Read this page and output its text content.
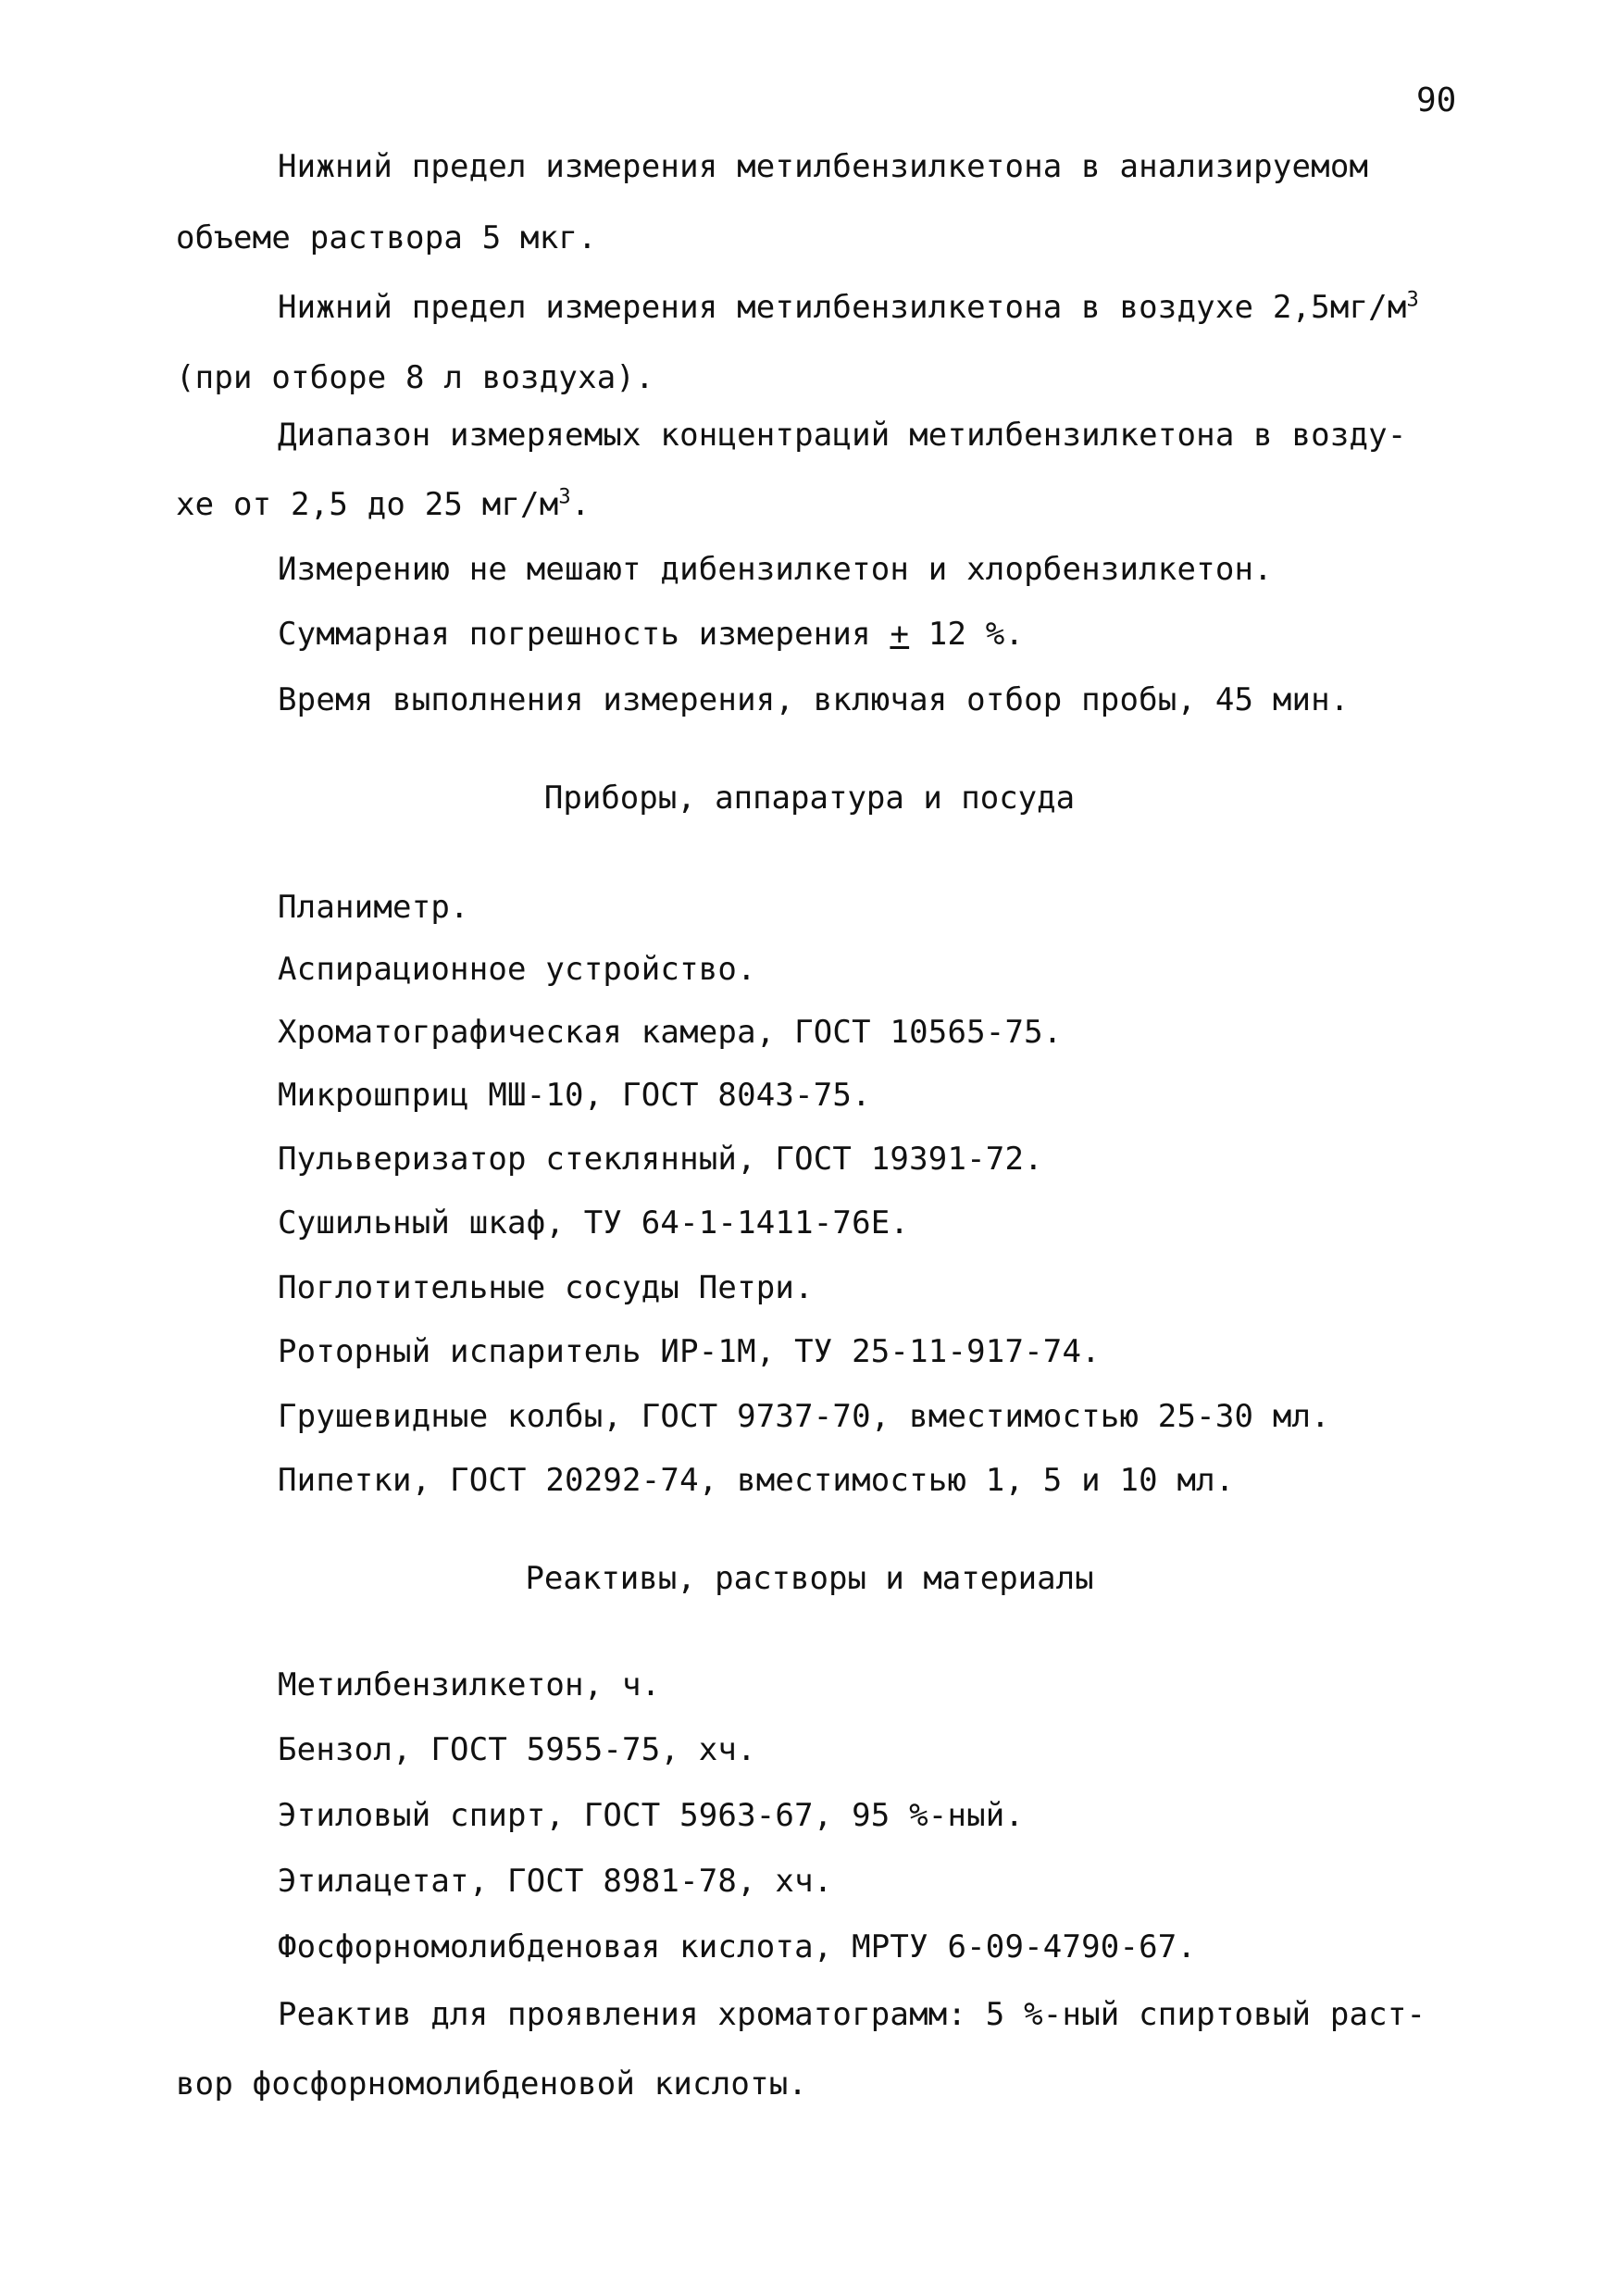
90
Нижний предел измерения метилбензилкетона в анализируемом
объеме раствора 5 мкг.
Нижний предел измерения метилбензилкетона в воздухе $2,5мг/м^3$
(при отборе 8 л воздуха).
Диапазон измеряемых концентраций метилбензилкетона в возду-
хе от 2,5 до 25 $мг/м^3$.
Измерению не мешают дибензилкетон и хлорбензилкетон.
Суммарная погрешность измерения + 12 %.
Время выполнения измерения, включая отбор пробы, 45 мин.
Приборы, аппаратура и посуда
Планиметр.
Аспирационное устройство.
Хроматографическая камера, ГОСТ 10565-75.
Микрошприц МШ-10, ГОСТ 8043-75.
Пульверизатор стеклянный, ГОСТ 19391-72.
Сушильный шкаф, ТУ 64-1-1411-76Е.
Поглотительные сосуды Петри.
Роторный испаритель ИР-1М, ТУ 25-11-917-74.
Грушевидные колбы, ГОСТ 9737-70, вместимостью 25-30 мл.
Пипетки, ГОСТ 20292-74, вместимостью 1, 5 и 10 мл.
Реактивы, растворы и материалы
Метилбензилкетон, ч.
Бензол, ГОСТ 5955-75, хч.
Этиловый спирт, ГОСТ 5963-67, 95 %-ный.
Этилацетат, ГОСТ 8981-78, хч.
Фосфорномолибденовая кислота, МРТУ 6-09-4790-67.
Реактив для проявления хроматограмм: 5 %-ный спиртовый раст-
вор фосфорномолибденовой кислоты.
